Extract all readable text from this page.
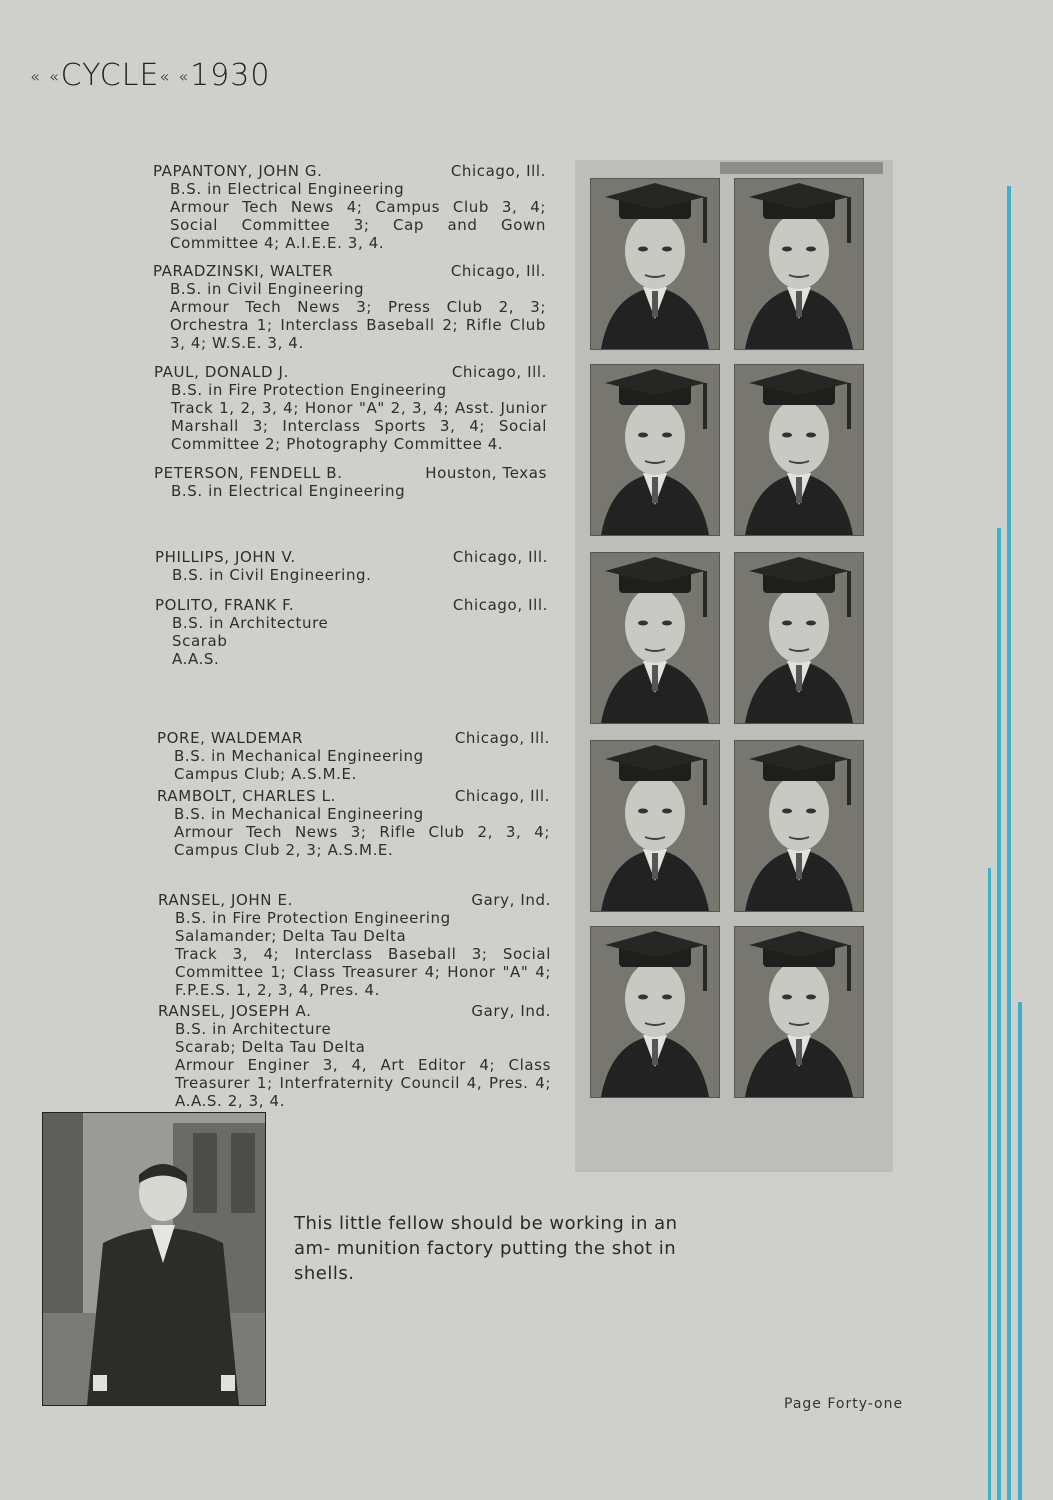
« «CYCLE« «1930
PAPANTONY, JOHN G.	Chicago, Ill.
B.S. in Electrical Engineering
Armour Tech News 4; Campus Club 3, 4; Social Committee 3; Cap and Gown Committee 4; A.I.E.E. 3, 4.
PARADZINSKI, WALTER	Chicago, Ill.
B.S. in Civil Engineering
Armour Tech News 3; Press Club 2, 3; Orchestra 1; Interclass Baseball 2; Rifle Club 3, 4; W.S.E. 3, 4.
PAUL, DONALD J.	Chicago, Ill.
B.S. in Fire Protection Engineering
Track 1, 2, 3, 4; Honor "A" 2, 3, 4; Asst. Junior Marshall 3; Interclass Sports 3, 4; Social Committee 2; Photography Committee 4.
PETERSON, FENDELL B.	Houston, Texas
B.S. in Electrical Engineering
PHILLIPS, JOHN V.	Chicago, Ill.
B.S. in Civil Engineering.
POLITO, FRANK F.	Chicago, Ill.
B.S. in Architecture
Scarab
A.A.S.
PORE, WALDEMAR	Chicago, Ill.
B.S. in Mechanical Engineering
Campus Club; A.S.M.E.
RAMBOLT, CHARLES L.	Chicago, Ill.
B.S. in Mechanical Engineering
Armour Tech News 3; Rifle Club 2, 3, 4; Campus Club 2, 3; A.S.M.E.
RANSEL, JOHN E.	Gary, Ind.
B.S. in Fire Protection Engineering
Salamander; Delta Tau Delta
Track 3, 4; Interclass Baseball 3; Social Committee 1; Class Treasurer 4; Honor "A" 4; F.P.E.S. 1, 2, 3, 4, Pres. 4.
RANSEL, JOSEPH A.	Gary, Ind.
B.S. in Architecture
Scarab; Delta Tau Delta
Armour Enginer 3, 4, Art Editor 4; Class Treasurer 1; Interfraternity Council 4, Pres. 4; A.A.S. 2, 3, 4.
This little fellow should be working in an am- munition factory putting the shot in shells.
Page Forty-one
